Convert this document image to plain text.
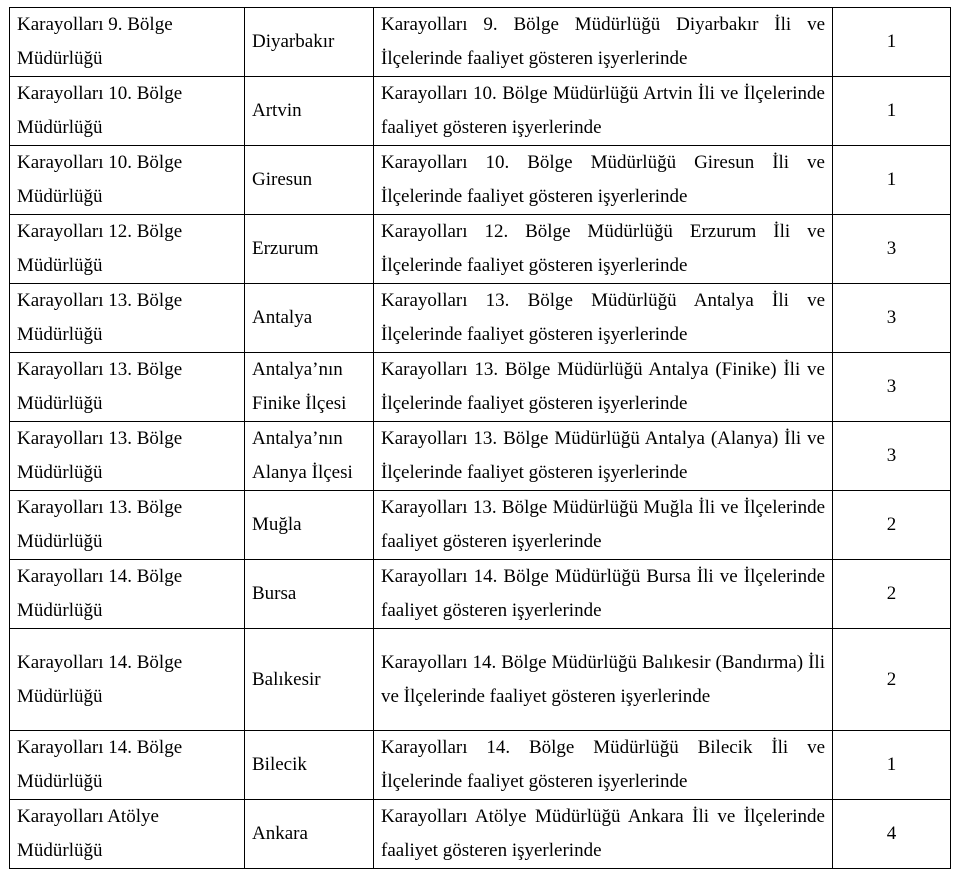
Karayolları 9. Bölge Müdürlüğü	Diyarbakır	Karayolları 9. Bölge Müdürlüğü Diyarbakır İli ve İlçelerinde faaliyet gösteren işyerlerinde	1
Karayolları 10. Bölge Müdürlüğü	Artvin	Karayolları 10. Bölge Müdürlüğü Artvin İli ve İlçelerinde faaliyet gösteren işyerlerinde	1
Karayolları 10. Bölge Müdürlüğü	Giresun	Karayolları 10. Bölge Müdürlüğü Giresun İli ve İlçelerinde faaliyet gösteren işyerlerinde	1
Karayolları 12. Bölge Müdürlüğü	Erzurum	Karayolları 12. Bölge Müdürlüğü Erzurum İli ve İlçelerinde faaliyet gösteren işyerlerinde	3
Karayolları 13. Bölge Müdürlüğü	Antalya	Karayolları 13. Bölge Müdürlüğü Antalya İli ve İlçelerinde faaliyet gösteren işyerlerinde	3
Karayolları 13. Bölge Müdürlüğü	Antalya’nın Finike İlçesi	Karayolları 13. Bölge Müdürlüğü Antalya (Finike) İli ve İlçelerinde faaliyet gösteren işyerlerinde	3
Karayolları 13. Bölge Müdürlüğü	Antalya’nın Alanya İlçesi	Karayolları 13. Bölge Müdürlüğü Antalya (Alanya) İli ve İlçelerinde faaliyet gösteren işyerlerinde	3
Karayolları 13. Bölge Müdürlüğü	Muğla	Karayolları 13. Bölge Müdürlüğü Muğla İli ve İlçelerinde faaliyet gösteren işyerlerinde	2
Karayolları 14. Bölge Müdürlüğü	Bursa	Karayolları 14. Bölge Müdürlüğü Bursa İli ve İlçelerinde faaliyet gösteren işyerlerinde	2
Karayolları 14. Bölge Müdürlüğü	Balıkesir	Karayolları 14. Bölge Müdürlüğü Balıkesir (Bandırma) İli ve İlçelerinde faaliyet gösteren işyerlerinde	2
Karayolları 14. Bölge Müdürlüğü	Bilecik	Karayolları 14. Bölge Müdürlüğü Bilecik İli ve İlçelerinde faaliyet gösteren işyerlerinde	1
Karayolları Atölye Müdürlüğü	Ankara	Karayolları Atölye Müdürlüğü Ankara İli ve İlçelerinde faaliyet gösteren işyerlerinde	4
